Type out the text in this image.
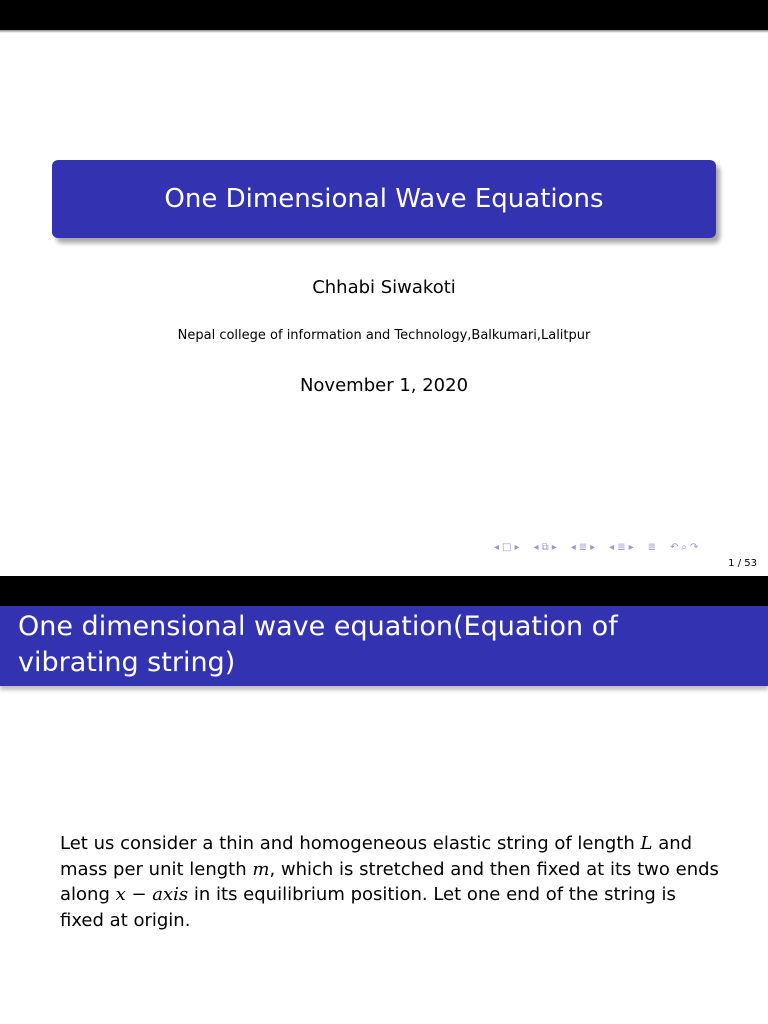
One Dimensional Wave Equations
Chhabi Siwakoti
Nepal college of information and Technology,Balkumari,Lalitpur
November 1, 2020
◂ □ ▸ ◂ ⧉ ▸ ◂ ≣ ▸ ◂ ≣ ▸ ≣ ↶ ⌕ ↷
1 / 53
One dimensional wave equation(Equation of vibrating string)
Let us consider a thin and homogeneous elastic string of length L and mass per unit length m, which is stretched and then fixed at its two ends along x − axis in its equilibrium position. Let one end of the string is fixed at origin.
